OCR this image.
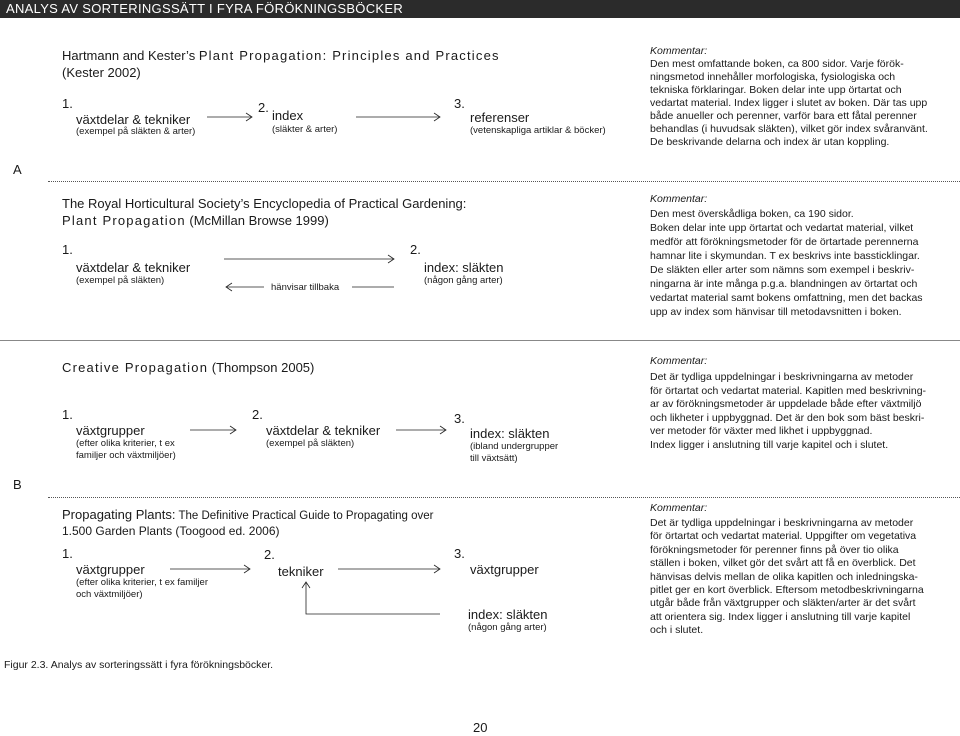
ANALYS AV SORTERINGSSÄTT I FYRA FÖRÖKNINGSBÖCKER
A
B
Hartmann and Kester’s Plant Propagation: Principles and Practices
(Kester 2002)
1.
växtdelar & tekniker
(exempel på släkten & arter)
2.
index
(släkter & arter)
3.
referenser
(vetenskapliga artiklar & böcker)
Kommentar:
Den mest omfattande boken, ca 800 sidor. Varje förök-
ningsmetod innehåller morfologiska, fysiologiska och
tekniska förklaringar. Boken delar inte upp örtartat och
vedartat material. Index ligger i slutet av boken. Där tas upp
både anueller och perenner, varför bara ett fåtal perenner
behandlas (i huvudsak släkten), vilket gör index svåranvänt.
De beskrivande delarna och index är utan koppling.
The Royal Horticultural Society’s Encyclopedia of Practical Gardening:
Plant Propagation (McMillan Browse 1999)
1.
växtdelar & tekniker
(exempel på släkten)
hänvisar tillbaka
2.
index: släkten
(någon gång arter)
Kommentar:
Den mest överskådliga boken, ca 190 sidor.
Boken delar inte upp örtartat och vedartat material, vilket
medför att förökningsmetoder för de örtartade perennerna
hamnar lite i skymundan. T ex beskrivs inte bassticklingar.
De släkten eller arter som nämns som exempel i beskriv-
ningarna är inte många p.g.a. blandningen av örtartat och
vedartat material samt bokens omfattning, men det backas
upp av index som hänvisar till metodavsnitten i boken.
Creative Propagation (Thompson 2005)
1.
växtgrupper
(efter olika kriterier, t ex
familjer och växtmiljöer)
2.
växtdelar & tekniker
(exempel på släkten)
3.
index: släkten
(ibland undergrupper
till växtsätt)
Kommentar:
Det är tydliga uppdelningar i beskrivningarna av metoder
för örtartat och vedartat material. Kapitlen med beskrivning-
ar av förökningsmetoder är uppdelade både efter växtmiljö
och likheter i uppbyggnad. Det är den bok som bäst beskri-
ver metoder för växter med likhet i uppbyggnad.
Index ligger i anslutning till varje kapitel och i slutet.
Propagating Plants: The Definitive Practical Guide to Propagating over
1.500 Garden Plants (Toogood ed. 2006)
1.
växtgrupper
(efter olika kriterier, t ex familjer
och växtmiljöer)
2.
tekniker
3.
växtgrupper
index: släkten
(någon gång arter)
Kommentar:
Det är tydliga uppdelningar i beskrivningarna av metoder
för örtartat och vedartat material. Uppgifter om vegetativa
förökningsmetoder för perenner finns på över tio olika
ställen i boken, vilket gör det svårt att få en överblick. Det
hänvisas delvis mellan de olika kapitlen och inledningska-
pitlet ger en kort överblick. Eftersom metodbeskrivningarna
utgår både från växtgrupper och släkten/arter är det svårt
att orientera sig. Index ligger i anslutning till varje kapitel
och i slutet.
Figur 2.3. Analys av sorteringssätt i fyra förökningsböcker.
20
